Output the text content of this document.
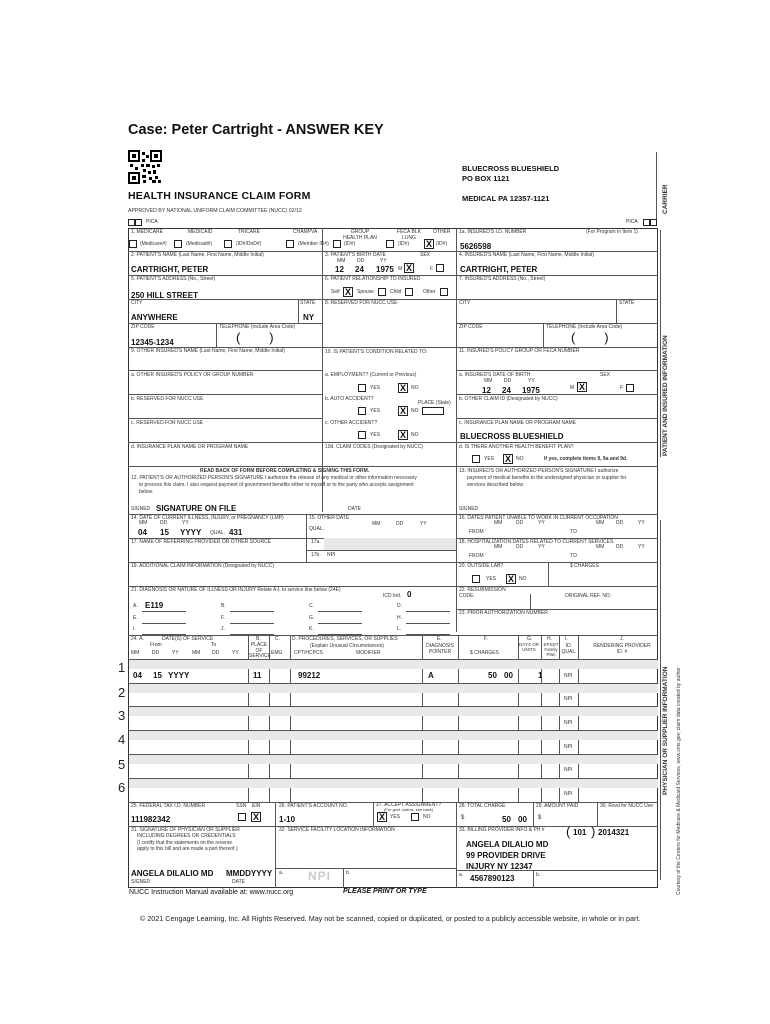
Case: Peter Cartright - ANSWER KEY
BLUECROSS BLUESHIELD
PO BOX 1121
MEDICAL PA 12357-1121	CARRIER
HEALTH INSURANCE CLAIM FORM
APPROVED BY NATIONAL UNIFORM CLAIM COMMITTEE (NUCC) 02/12
PICA	PICA
PATIENT AND INSURED INFORMATION
PHYSICIAN OR SUPPLIER INFORMATION Courtesy of the Centers for Medicare & Medicaid Services, www.cms.gov; claim data created by author
1. MEDICARE	MEDICAID	TRICARE	CHAMPVA	GROUP HEALTH PLAN
FECA BLK LUNG
OTHER
(Medicare#)	(Medicaid#)	(ID#/DoD#)	(Member ID#)	(ID#)	(ID#) X (ID#)
1a. INSURED'S I.D. NUMBER	(For Program in Item 1)
5626598
2. PATIENT'S NAME (Last Name, First Name, Middle Initial)
CARTRIGHT, PETER
3. PATIENT'S BIRTH DATE
MM DD	YY
SEX
12 24 1975 M X	F
4. INSURED'S NAME (Last Name, First Name, Middle Initial)
CARTRIGHT, PETER
5. PATIENT'S ADDRESS (No., Street)
250 HILL STREET
6. PATIENT RELATIONSHIP TO INSURED
Self X	Spouse	Child	Other
7. INSURED'S ADDRESS (No., Street)
CITY	STATE
ANYWHERE	NY
8. RESERVED FOR NUCC USE	CITY	STATE
ZIP CODE	TELEPHONE (Include Area Code)
12345-1234	(        )
ZIP CODE	TELEPHONE (Include Area Code)
(        )
9. OTHER INSURED'S NAME (Last Name, First Name, Middle Initial)	10. IS PATIENT'S CONDITION RELATED TO:	11. INSURED'S POLICY GROUP OR FECA NUMBER
a. OTHER INSURED'S POLICY OR GROUP NUMBER	a. EMPLOYMENT? (Current or Previous)
YES X	NO
a. INSURED'S DATE OF BIRTH
MM DD	YY
SEX
12 24 1975	M X	F
b. RESERVED FOR NUCC USE	b. AUTO ACCIDENT?
PLACE (State)
YES X	NO
b. OTHER CLAIM ID (Designated by NUCC)
c. RESERVED FOR NUCC USE	c. OTHER ACCIDENT?
YES X	NO
c. INSURANCE PLAN NAME OR PROGRAM NAME
BLUECROSS BLUESHIELD
d. INSURANCE PLAN NAME OR PROGRAM NAME	10d. CLAIM CODES (Designated by NUCC)	d. IS THERE ANOTHER HEALTH BENEFIT PLAN?
YES X	NO	If yes, complete items 9, 9a and 9d.
READ BACK OF FORM BEFORE COMPLETING & SIGNING THIS FORM.
12. PATIENT'S OR AUTHORIZED PERSON'S SIGNATURE I authorize the release of any medical or other information necessary
to process this claim. I also request payment of government benefits either to myself or to the party who accepts assignment
below.
SIGNED SIGNATURE ON FILE	DATE
13. INSURED'S OR AUTHORIZED PERSON'S SIGNATURE I authorize
payment of medical benefits to the undersigned physician or supplier for
services described below.
SIGNED
14. DATE OF CURRENT ILLNESS, INJURY, or PREGNANCY (LMP)
MM	DD	YY
04 15 YYYY QUAL. 431
15. OTHER DATE
QUAL.
MM	DD	YY
16. DATES PATIENT UNABLE TO WORK IN CURRENT OCCUPATION
MM	DD	YY	MM DD	YY
FROM	TO
17. NAME OF REFERRING PROVIDER OR OTHER SOURCE	17a.
17b. NPI
18. HOSPITALIZATION DATES RELATED TO CURRENT SERVICES
MM	DD	YY	MM DD	YY
FROM	TO
19. ADDITIONAL CLAIM INFORMATION (Designated by NUCC)	20. OUTSIDE LAB?	$ CHARGES
YES X	NO
21. DIAGNOSIS OR NATURE OF ILLNESS OR INJURY Relate A-L to service line below (24E)
ICD Ind. 0
A. E119	B.	C.	D.
E.	F.	G.	H.
I.	J.	K.	L.
22. RESUBMISSION CODE	ORIGINAL REF. NO.
23. PRIOR AUTHORIZATION NUMBER
24. A.	DATE(S) OF SERVICE
From	To
MM	DD	YY	MM DD	YY
B.
PLACE OF SERVICE
C.
EMG
D. PROCEDURES, SERVICES, OR SUPPLIES
(Explain Unusual Circumstances)
CPT/HCPCS	MODIFIER
E.
DIAGNOSIS POINTER
F.
$ CHARGES
G.
DAYS OR UNITS
H.
EPSDT Family Plan
I.
ID. QUAL.
J.
RENDERING PROVIDER ID. #
1
NPI
04 15 YYYY	11	99212	A	50 00	1
2	NPI
3	NPI
4	NPI
5	NPI
6	NPI
25. FEDERAL TAX I.D. NUMBER	SSN EIN
X
111982342
26. PATIENT'S ACCOUNT NO.
1-10
27. ACCEPT ASSIGNMENT?
(For govt. claims, see back)
X	YES	NO
28. TOTAL CHARGE
$	50 00
29. AMOUNT PAID
$
30. Rsvd for NUCC Use
31. SIGNATURE OF PHYSICIAN OR SUPPLIER
INCLUDING DEGREES OR CREDENTIALS
(I certify that the statements on the reverse
apply to this bill and are made a part thereof.)
ANGELA DILALIO MD MMDDYYYY
SIGNED	DATE
32. SERVICE FACILITY LOCATION INFORMATION
a. NPI	b.
33. BILLING PROVIDER INFO & PH # ( 101 ) 2014321
ANGELA DILALIO MD
99 PROVIDER DRIVE
INJURY NY 12347
a. 4567890123	b.
NUCC Instruction Manual available at: www.nucc.org	PLEASE PRINT OR TYPE
© 2021 Cengage Learning, Inc. All Rights Reserved. May not be scanned, copied or duplicated, or posted to a publicly accessible website, in whole or in part.
